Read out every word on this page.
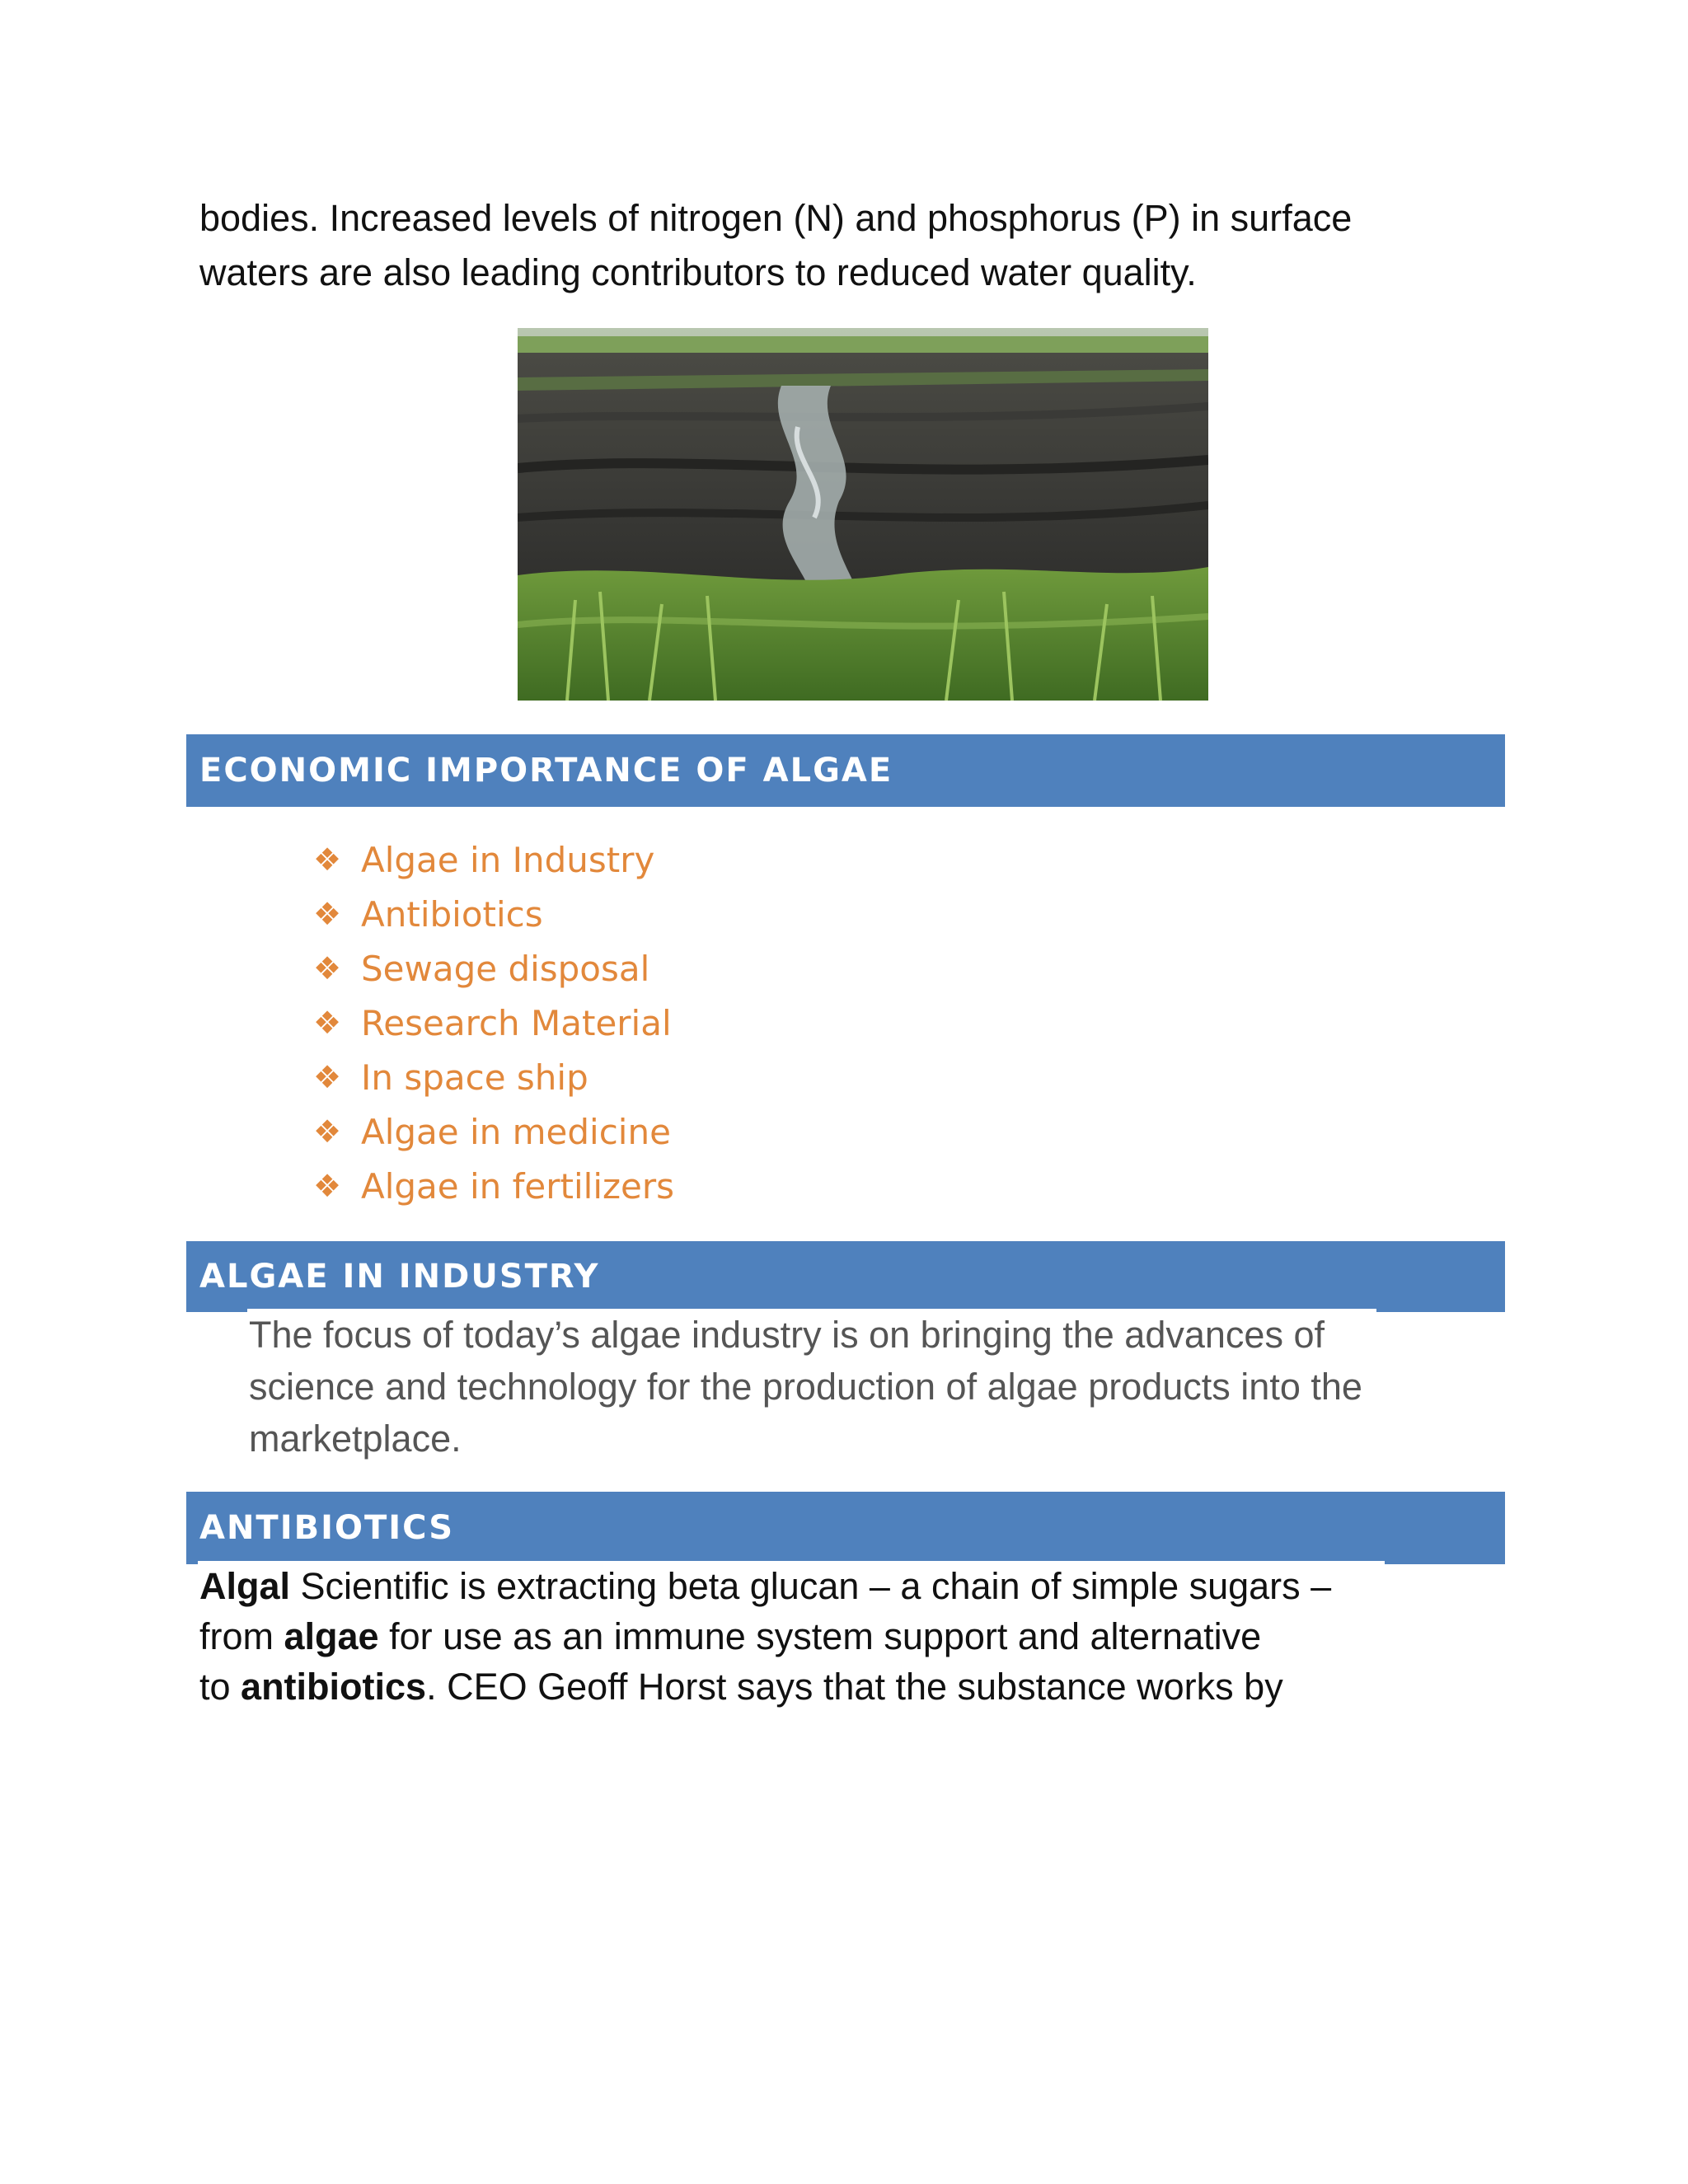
bodies. Increased levels of nitrogen (N) and phosphorus (P) in surface
waters are also leading contributors to reduced water quality.

ECONOMIC IMPORTANCE OF ALGAE
❖ Algae in Industry
❖ Antibiotics
❖ Sewage disposal
❖ Research Material
❖ In space ship
❖ Algae in medicine
❖ Algae in fertilizers
ALGAE IN INDUSTRY

The focus of today’s algae industry is on bringing the advances of
science and technology for the production of algae products into the
marketplace.

ANTIBIOTICS

Algal Scientific is extracting beta glucan – a chain of simple sugars –
from algae for use as an immune system support and alternative
to antibiotics. CEO Geoff Horst says that the substance works by
